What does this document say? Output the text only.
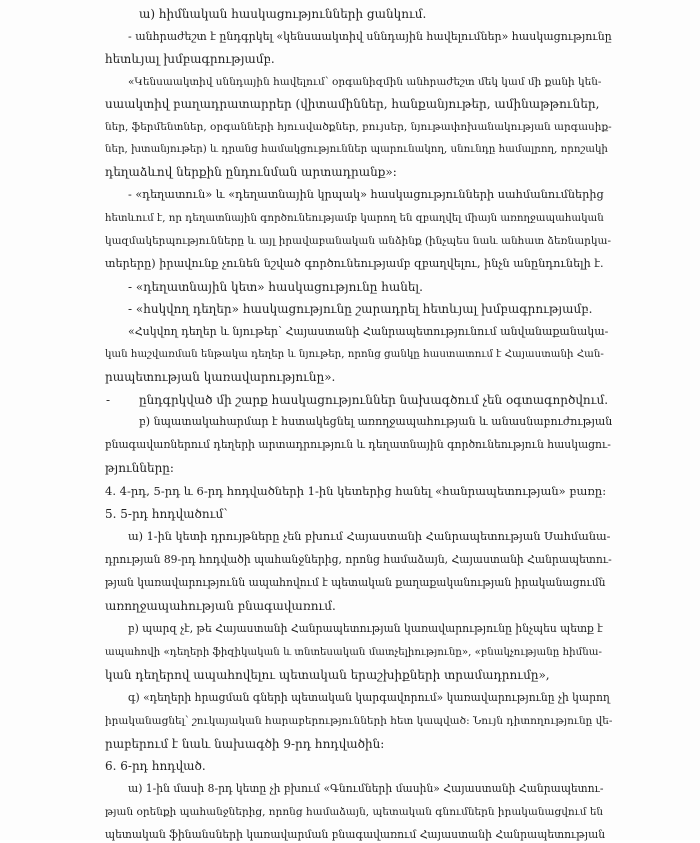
ա) հիմնական հասկացությունների ցանկում.
- անհրաժեշտ է ընդգրկել «կենսաակտիվ սննդային հավելումներ» հասկացությունը
հետևյալ խմբագրությամբ.
«Կենսաակտիվ սննդային հավելում՝ օրգանիզմին անհրաժեշտ մեկ կամ մի քանի կեն-
սաակտիվ բաղադրատարրեր (վիտամիններ, հանքանյութեր, ամինաթթուներ,
ներ, ֆերմենտներ, օրգանների հյուսվածքներ, բույսեր, նյութափոխանակության արգասիք-
ներ, խտանյութեր) և դրանց համակցություններ պարունակող, սնունդը համալրող, որոշակի
դեղաձևով ներքին ընդունման արտադրանք»։
- «դեղատուն» և «դեղատնային կրպակ» հասկացությունների սահմանումներից
հետևում է, որ դեղատնային գործունեությամբ կարող են զբաղվել միայն առողջապահական
կազմակերպությունները և այլ իրավաբանական անձինք (ինչպես նաև անհատ ձեռնարկա-
տերերը) իրավունք չունեն նշված գործունեությամբ զբաղվելու, ինչն անընդունելի է.
- «դեղատնային կետ» հասկացությունը հանել.
- «հսկվող դեղեր» հասկացությունը շարադրել հետևյալ խմբագրությամբ.
«Հսկվող դեղեր և նյութեր՝ Հայաստանի Հանրապետությունում անվանաքանակա-
կան հաշվառման ենթակա դեղեր և նյութեր, որոնց ցանկը հաստատում է Հայաստանի Հան-
րապետության կառավարությունը».
- ընդգրկված մի շարք հասկացություններ նախագծում չեն օգտագործվում.
բ) նպատակահարմար է հստակեցնել առողջապահության և անասնաբուժության
բնագավառներում դեղերի արտադրություն և դեղատնային գործունեություն հասկացու-
թյունները:
4. 4-րդ, 5-րդ և 6-րդ հոդվածների 1-ին կետերից հանել «հանրապետության» բառը:
5. 5-րդ հոդվածում՝
ա) 1-ին կետի դրույթները չեն բխում Հայաստանի Հանրապետության Սահմանա-
դրության 89-րդ հոդվածի պահանջներից, որոնց համաձայն, Հայաստանի Հանրապետու-
թյան կառավարությունն ապահովում է պետական քաղաքականության իրականացումն
առողջապահության բնագավառում.
բ) պարզ չէ, թե Հայաստանի Հանրապետության կառավարությունը ինչպես պետք է
ապահովի «դեղերի ֆիզիկական և տնտեսական մատչելիությունը», «բնակչությանը հիմնա-
կան դեղերով ապահովելու պետական երաշխիքների տրամադրումը»,
գ) «դեղերի հրացման գների պետական կարգավորում» կառավարությունը չի կարող
իրականացնել՝ շուկայական հարաբերությունների հետ կապված: Նույն դիտողությունը վե-
րաբերում է նաև նախագծի 9-րդ հոդվածին:
6. 6-րդ հոդված.
ա) 1-ին մասի 8-րդ կետը չի բխում «Գնումների մասին» Հայաստանի Հանրապետու-
թյան օրենքի պահանջներից, որոնց համաձայն, պետական գնումներն իրականացվում են
պետական ֆինանսների կառավարման բնագավառում Հայաստանի Հանրապետության
